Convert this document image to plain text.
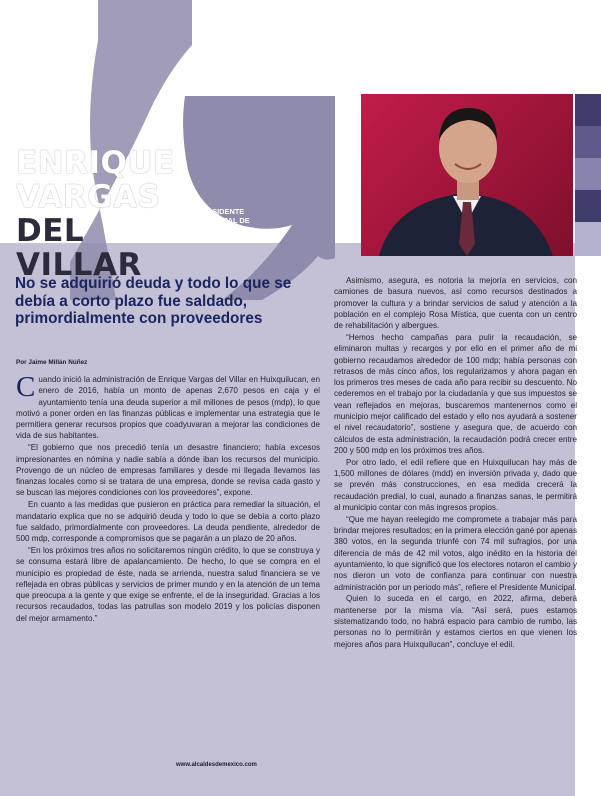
ENRIQUE
VARGAS
DEL VILLAR
PRESIDENTE
MUNICIPAL DE
HUIXQUILUCAN,
ESTADO DE MÉXICO
No se adquirió deuda y todo lo que se debía a corto plazo fue saldado, primordialmente con proveedores
Por Jaime Millán Núñez

Cuando inició la administración de Enrique Vargas del Villar en Huixquilucan, en enero de 2016, había un monto de apenas 2,670 pesos en caja y el ayuntamiento tenía una deuda superior a mil millones de pesos (mdp), lo que motivó a poner orden en las finanzas públicas e implementar una estrategia que le permitiera generar recursos propios que coadyuvaran a mejorar las condiciones de vida de sus habitantes.

“El gobierno que nos precedió tenía un desastre financiero; había excesos impresionantes en nómina y nadie sabía a dónde iban los recursos del municipio. Provengo de un núcleo de empresas familiares y desde mi llegada llevamos las finanzas locales como si se tratara de una empresa, donde se revisa cada gasto y se buscan las mejores condiciones con los proveedores”, expone.

En cuanto a las medidas que pusieron en práctica para remediar la situación, el mandatario explica que no se adquirió deuda y todo lo que se debía a corto plazo fue saldado, primordialmente con proveedores. La deuda pendiente, alrededor de 500 mdp, corresponde a compromisos que se pagarán a un plazo de 20 años.

“En los próximos tres años no solicitaremos ningún crédito, lo que se construya y se consuma estará libre de apalancamiento. De hecho, lo que se compra en el municipio es propiedad de éste, nada se arrienda, nuestra salud financiera se ve reflejada en obras públicas y servicios de primer mundo y en la atención de un tema que preocupa a la gente y que exige se enfrente, el de la inseguridad. Gracias a los recursos recaudados, todas las patrullas son modelo 2019 y los policías disponen del mejor armamento.”

Asimismo, asegura, es notoria la mejoría en servicios, con camiones de basura nuevos, así como recursos destinados a promover la cultura y a brindar servicios de salud y atención a la población en el complejo Rosa Mística, que cuenta con un centro de rehabilitación y albergues.

“Hemos hecho campañas para pulir la recaudación, se eliminaron multas y recargos y por ello en el primer año de mi gobierno recaudamos alrededor de 100 mdp; había personas con retrasos de más cinco años, los regularizamos y ahora pagan en los primeros tres meses de cada año para recibir su descuento. No cederemos en el trabajo por la ciudadanía y que sus impuestos se vean reflejados en mejoras, buscaremos mantenernos como el municipio mejor calificado del estado y ello nos ayudará a sostener el nivel recaudatorio”, sostiene y asegura que, de acuerdo con cálculos de esta administración, la recaudación podrá crecer entre 200 y 500 mdp en los próximos tres años.

Por otro lado, el edil refiere que en Huixquilucan hay más de 1,500 millones de dólares (mdd) en inversión privada y, dado que se prevén más construcciones, en esa medida crecerá la recaudación predial, lo cual, aunado a finanzas sanas, le permitirá al municipio contar con más ingresos propios.

“Que me hayan reelegido me compromete a trabajar más para brindar mejores resultados; en la primera elección gané por apenas 380 votos, en la segunda triunfé con 74 mil sufragios, por una diferencia de más de 42 mil votos, algo inédito en la historia del ayuntamiento, lo que significó que los electores notaron el cambio y nos dieron un voto de confianza para continuar con nuestra administración por un periodo más”, refiere el Presidente Municipal.

Quien lo suceda en el cargo, en 2022, afirma, deberá mantenerse por la misma vía. “Así será, pues estamos sistematizando todo, no habrá espacio para cambio de rumbo, las personas no lo permitirán y estamos ciertos en que vienen los mejores años para Huixquilucan”, concluye el edil.

www.alcaldesdemexico.com
